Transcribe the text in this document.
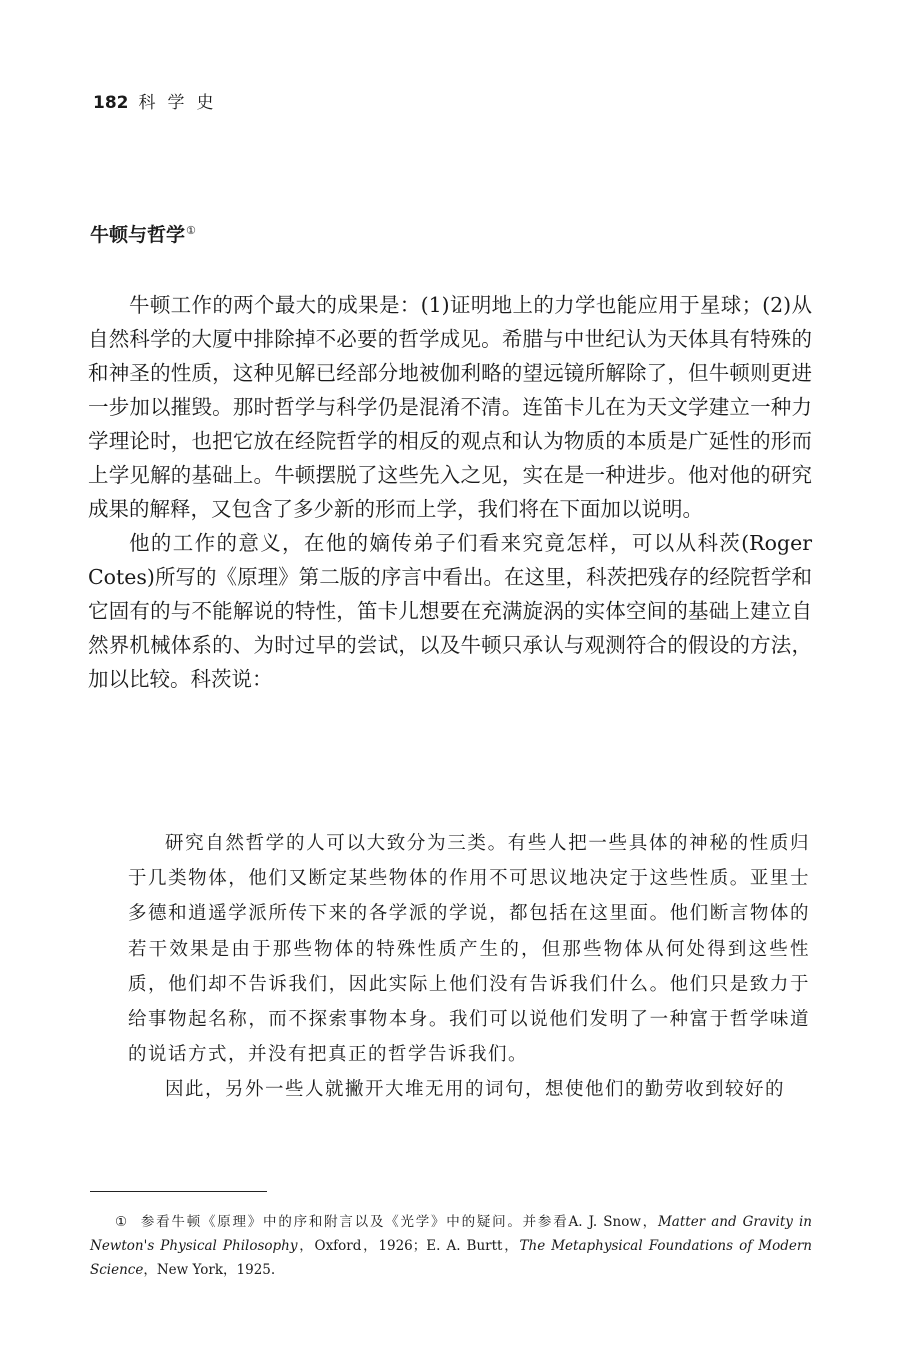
182 科学史
牛顿与哲学①

牛顿工作的两个最大的成果是：(1)证明地上的力学也能应用于星球；(2)从自然科学的大厦中排除掉不必要的哲学成见。希腊与中世纪认为天体具有特殊的和神圣的性质，这种见解已经部分地被伽利略的望远镜所解除了，但牛顿则更进一步加以摧毁。那时哲学与科学仍是混淆不清。连笛卡儿在为天文学建立一种力学理论时，也把它放在经院哲学的相反的观点和认为物质的本质是广延性的形而上学见解的基础上。牛顿摆脱了这些先入之见，实在是一种进步。他对他的研究成果的解释，又包含了多少新的形而上学，我们将在下面加以说明。

他的工作的意义，在他的嫡传弟子们看来究竟怎样，可以从科茨(Roger Cotes)所写的《原理》第二版的序言中看出。在这里，科茨把残存的经院哲学和它固有的与不能解说的特性，笛卡儿想要在充满旋涡的实体空间的基础上建立自然界机械体系的、为时过早的尝试，以及牛顿只承认与观测符合的假设的方法，加以比较。科茨说：

研究自然哲学的人可以大致分为三类。有些人把一些具体的神秘的性质归于几类物体，他们又断定某些物体的作用不可思议地决定于这些性质。亚里士多德和逍遥学派所传下来的各学派的学说，都包括在这里面。他们断言物体的若干效果是由于那些物体的特殊性质产生的，但那些物体从何处得到这些性质，他们却不告诉我们，因此实际上他们没有告诉我们什么。他们只是致力于给事物起名称，而不探索事物本身。我们可以说他们发明了一种富于哲学味道的说话方式，并没有把真正的哲学告诉我们。

因此，另外一些人就撇开大堆无用的词句，想使他们的勤劳收到较好的

① 参看牛顿《原理》中的序和附言以及《光学》中的疑问。并参看A. J. Snow，Matter and Gravity in Newton's Physical Philosophy，Oxford，1926；E. A. Burtt，The Metaphysical Foundations of Modern Science，New York，1925.
